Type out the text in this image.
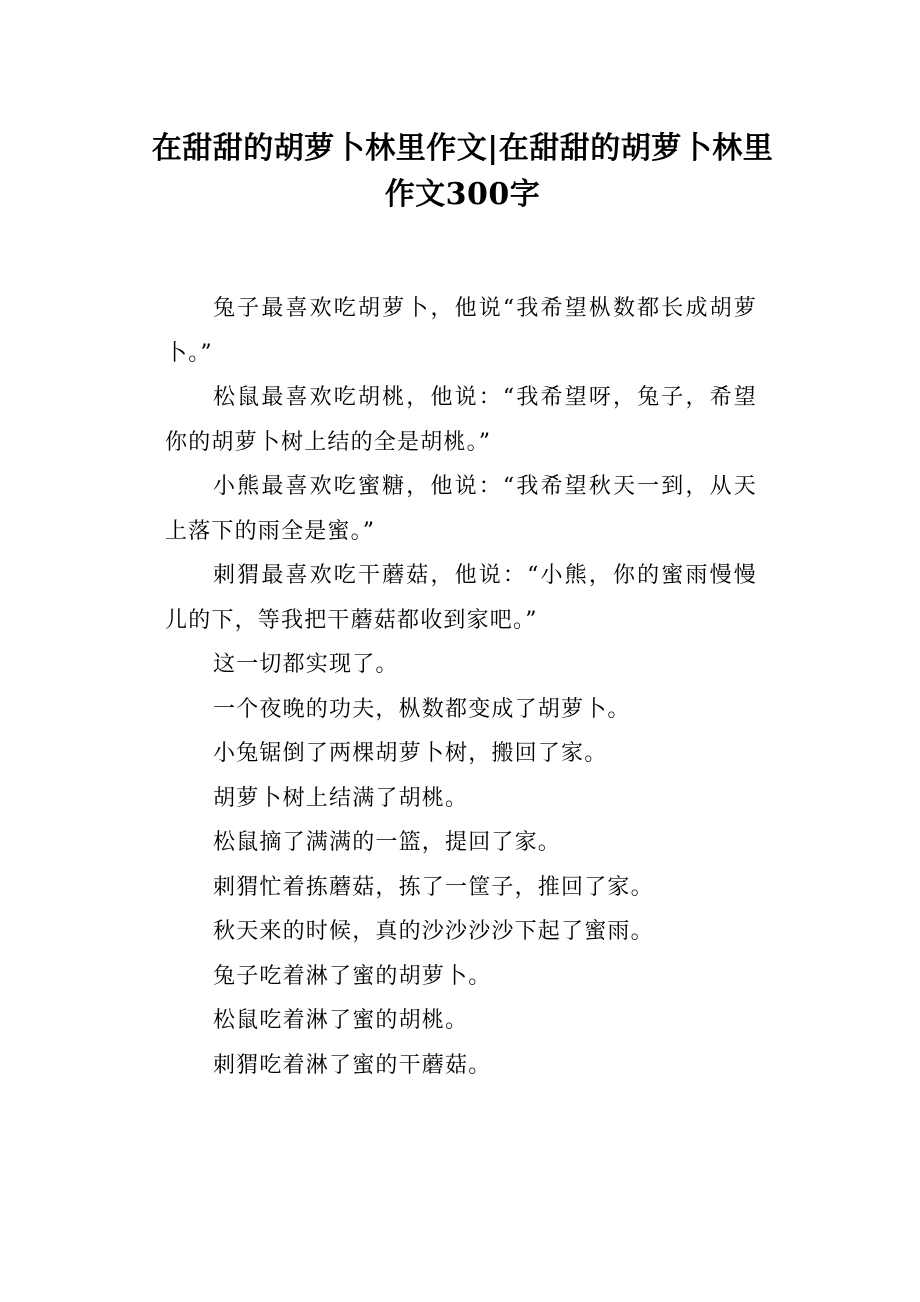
在甜甜的胡萝卜林里作文|在甜甜的胡萝卜林里作文300字

兔子最喜欢吃胡萝卜，他说“我希望枞数都长成胡萝卜。”

松鼠最喜欢吃胡桃，他说：“我希望呀，兔子，希望你的胡萝卜树上结的全是胡桃。”

小熊最喜欢吃蜜糖，他说：“我希望秋天一到，从天上落下的雨全是蜜。”

刺猬最喜欢吃干蘑菇，他说：“小熊，你的蜜雨慢慢儿的下，等我把干蘑菇都收到家吧。”

这一切都实现了。

一个夜晚的功夫，枞数都变成了胡萝卜。

小兔锯倒了两棵胡萝卜树，搬回了家。

胡萝卜树上结满了胡桃。

松鼠摘了满满的一篮，提回了家。

刺猬忙着拣蘑菇，拣了一筐子，推回了家。

秋天来的时候，真的沙沙沙沙下起了蜜雨。

兔子吃着淋了蜜的胡萝卜。

松鼠吃着淋了蜜的胡桃。

刺猬吃着淋了蜜的干蘑菇。
